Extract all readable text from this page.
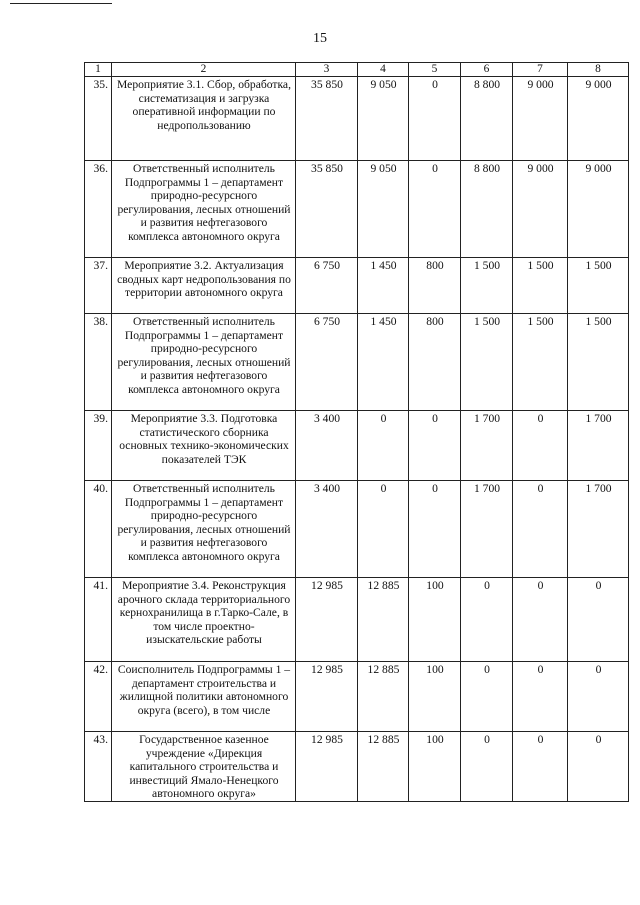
15
1	2	3	4	5	6	7	8
35.	Мероприятие 3.1. Сбор, обработка, систематизация и загрузка оперативной информации по недропользованию	35 850	9 050	0	8 800	9 000	9 000
36.	Ответственный исполнитель Подпрограммы 1 – департамент природно-ресурсного регулирования, лесных отношений и развития нефтегазового комплекса автономного округа	35 850	9 050	0	8 800	9 000	9 000
37.	Мероприятие 3.2. Актуализация сводных карт недропользования по территории автономного округа	6 750	1 450	800	1 500	1 500	1 500
38.	Ответственный исполнитель Подпрограммы 1 – департамент природно-ресурсного регулирования, лесных отношений и развития нефтегазового комплекса автономного округа	6 750	1 450	800	1 500	1 500	1 500
39.	Мероприятие 3.3. Подготовка статистического сборника основных технико-экономических показателей ТЭК	3 400	0	0	1 700	0	1 700
40.	Ответственный исполнитель Подпрограммы 1 – департамент природно-ресурсного регулирования, лесных отношений и развития нефтегазового комплекса автономного округа	3 400	0	0	1 700	0	1 700
41.	Мероприятие 3.4. Реконструкция арочного склада территориального кернохранилища в г.Тарко-Сале, в том числе проектно-изыскательские работы	12 985	12 885	100	0	0	0
42.	Соисполнитель Подпрограммы 1 – департамент строительства и жилищной политики автономного округа (всего), в том числе	12 985	12 885	100	0	0	0
43.	Государственное казенное учреждение «Дирекция капитального строительства и инвестиций Ямало-Ненецкого автономного округа»	12 985	12 885	100	0	0	0
